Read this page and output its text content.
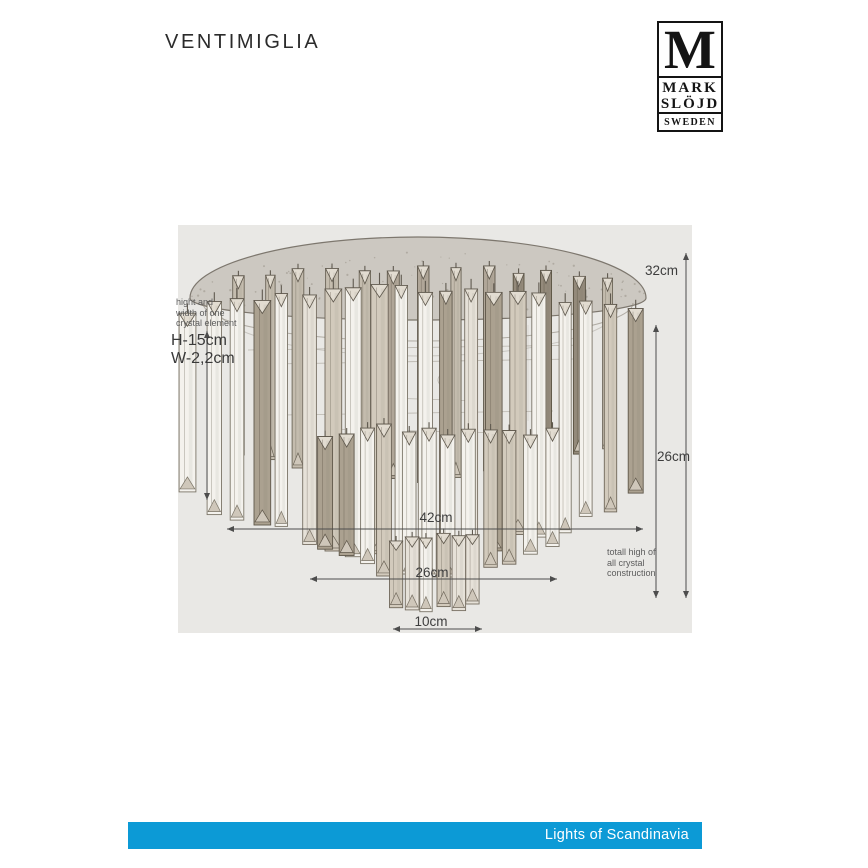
VENTIMIGLIA	M
MARK
SLÖJD
SWEDEN
hight and
width of one
crystal element
H-15cm
W-2,2cm
32cm
26cm
42cm
26cm
10cm
totall high of
all crystal
construction
Lights of Scandinavia
